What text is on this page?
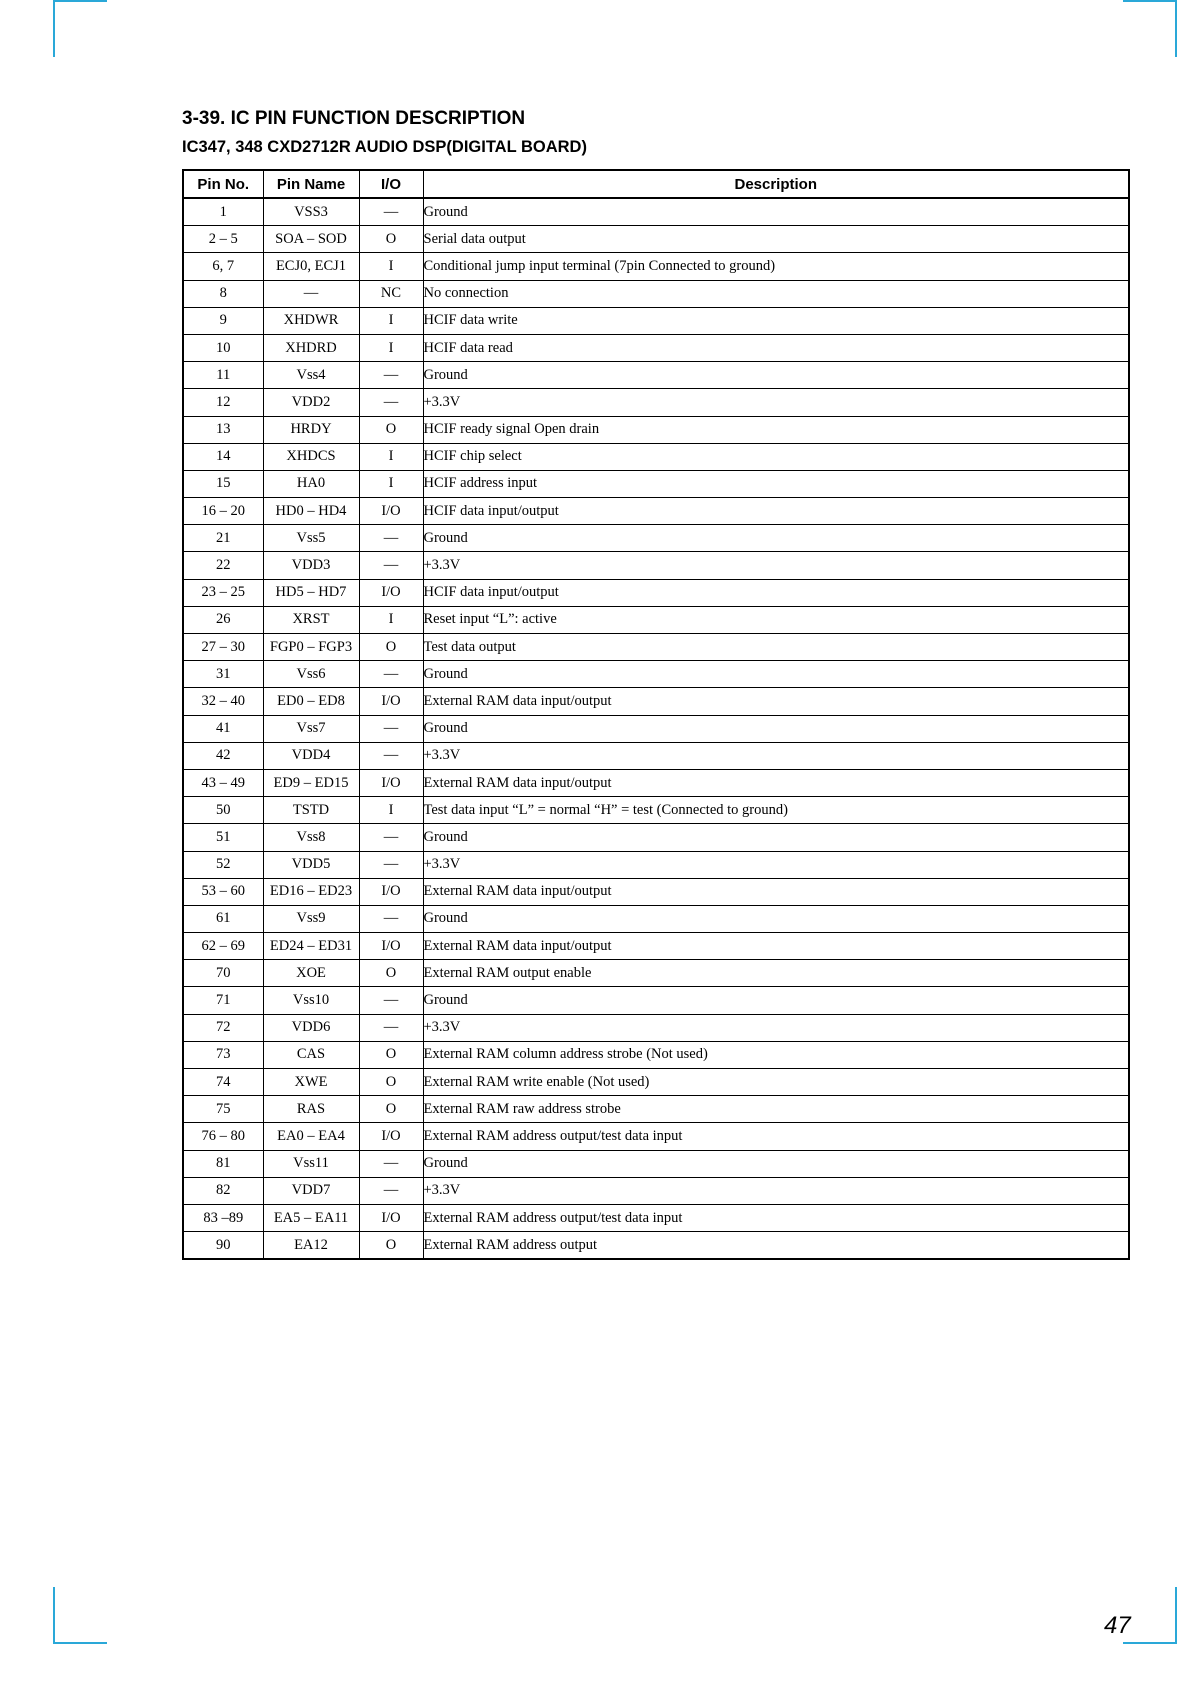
3-39. IC PIN FUNCTION DESCRIPTION
IC347, 348 CXD2712R AUDIO DSP(DIGITAL BOARD)
Pin No.	Pin Name	I/O	Description
1	VSS3	—	Ground
2 – 5	SOA – SOD	O	Serial data output
6, 7	ECJ0, ECJ1	I	Conditional jump input terminal (7pin Connected to ground)
8	—	NC	No connection
9	XHDWR	I	HCIF data write
10	XHDRD	I	HCIF data read
11	Vss4	—	Ground
12	VDD2	—	+3.3V
13	HRDY	O	HCIF ready signal Open drain
14	XHDCS	I	HCIF chip select
15	HA0	I	HCIF address input
16 – 20	HD0 – HD4	I/O	HCIF data input/output
21	Vss5	—	Ground
22	VDD3	—	+3.3V
23 – 25	HD5 – HD7	I/O	HCIF data input/output
26	XRST	I	Reset input “L”: active
27 – 30	FGP0 – FGP3	O	Test data output
31	Vss6	—	Ground
32 – 40	ED0 – ED8	I/O	External RAM data input/output
41	Vss7	—	Ground
42	VDD4	—	+3.3V
43 – 49	ED9 – ED15	I/O	External RAM data input/output
50	TSTD	I	Test data input “L” = normal “H” = test (Connected to ground)
51	Vss8	—	Ground
52	VDD5	—	+3.3V
53 – 60	ED16 – ED23	I/O	External RAM data input/output
61	Vss9	—	Ground
62 – 69	ED24 – ED31	I/O	External RAM data input/output
70	XOE	O	External RAM output enable
71	Vss10	—	Ground
72	VDD6	—	+3.3V
73	CAS	O	External RAM column address strobe (Not used)
74	XWE	O	External RAM write enable (Not used)
75	RAS	O	External RAM raw address strobe
76 – 80	EA0 – EA4	I/O	External RAM address output/test data input
81	Vss11	—	Ground
82	VDD7	—	+3.3V
83 –89	EA5 – EA11	I/O	External RAM address output/test data input
90	EA12	O	External RAM address output
47
